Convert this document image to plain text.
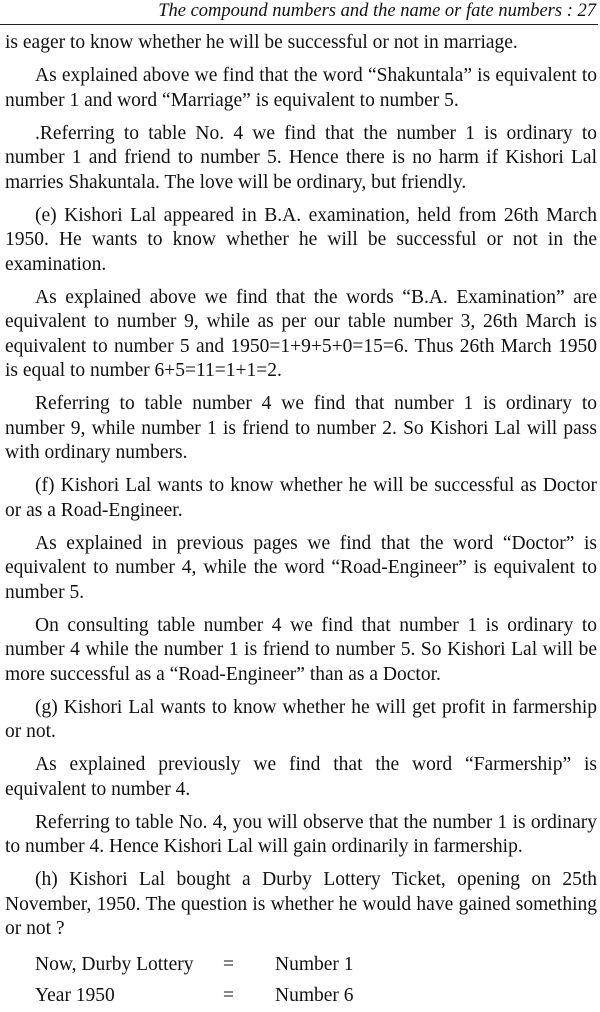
The compound numbers and the name or fate numbers : 27

is eager to know whether he will be successful or not in marriage.

As explained above we find that the word “Shakuntala” is equivalent to number 1 and word “Marriage” is equivalent to number 5.

.Referring to table No. 4 we find that the number 1 is ordinary to number 1 and friend to number 5. Hence there is no harm if Kishori Lal marries Shakuntala. The love will be ordinary, but friendly.

(e) Kishori Lal appeared in B.A. examination, held from 26th March 1950. He wants to know whether he will be successful or not in the examination.

As explained above we find that the words “B.A. Examination” are equivalent to number 9, while as per our table number 3, 26th March is equivalent to number 5 and 1950=1+9+5+0=15=6. Thus 26th March 1950 is equal to number 6+5=11=1+1=2.

Referring to table number 4 we find that number 1 is ordinary to number 9, while number 1 is friend to number 2. So Kishori Lal will pass with ordinary numbers.

(f) Kishori Lal wants to know whether he will be successful as Doctor or as a Road-Engineer.

As explained in previous pages we find that the word “Doctor” is equivalent to number 4, while the word “Road-Engineer” is equivalent to number 5.

On consulting table number 4 we find that number 1 is ordinary to number 4 while the number 1 is friend to number 5. So Kishori Lal will be more successful as a “Road-Engineer” than as a Doctor.

(g) Kishori Lal wants to know whether he will get profit in farmership or not.

As explained previously we find that the word “Farmership” is equivalent to number 4.

Referring to table No. 4, you will observe that the number 1 is ordinary to number 4. Hence Kishori Lal will gain ordinarily in farmership.

(h) Kishori Lal bought a Durby Lottery Ticket, opening on 25th November, 1950. The question is whether he would have gained something or not ?

Now, Durby Lottery	=	Number 1
Year 1950	=	Number 6
